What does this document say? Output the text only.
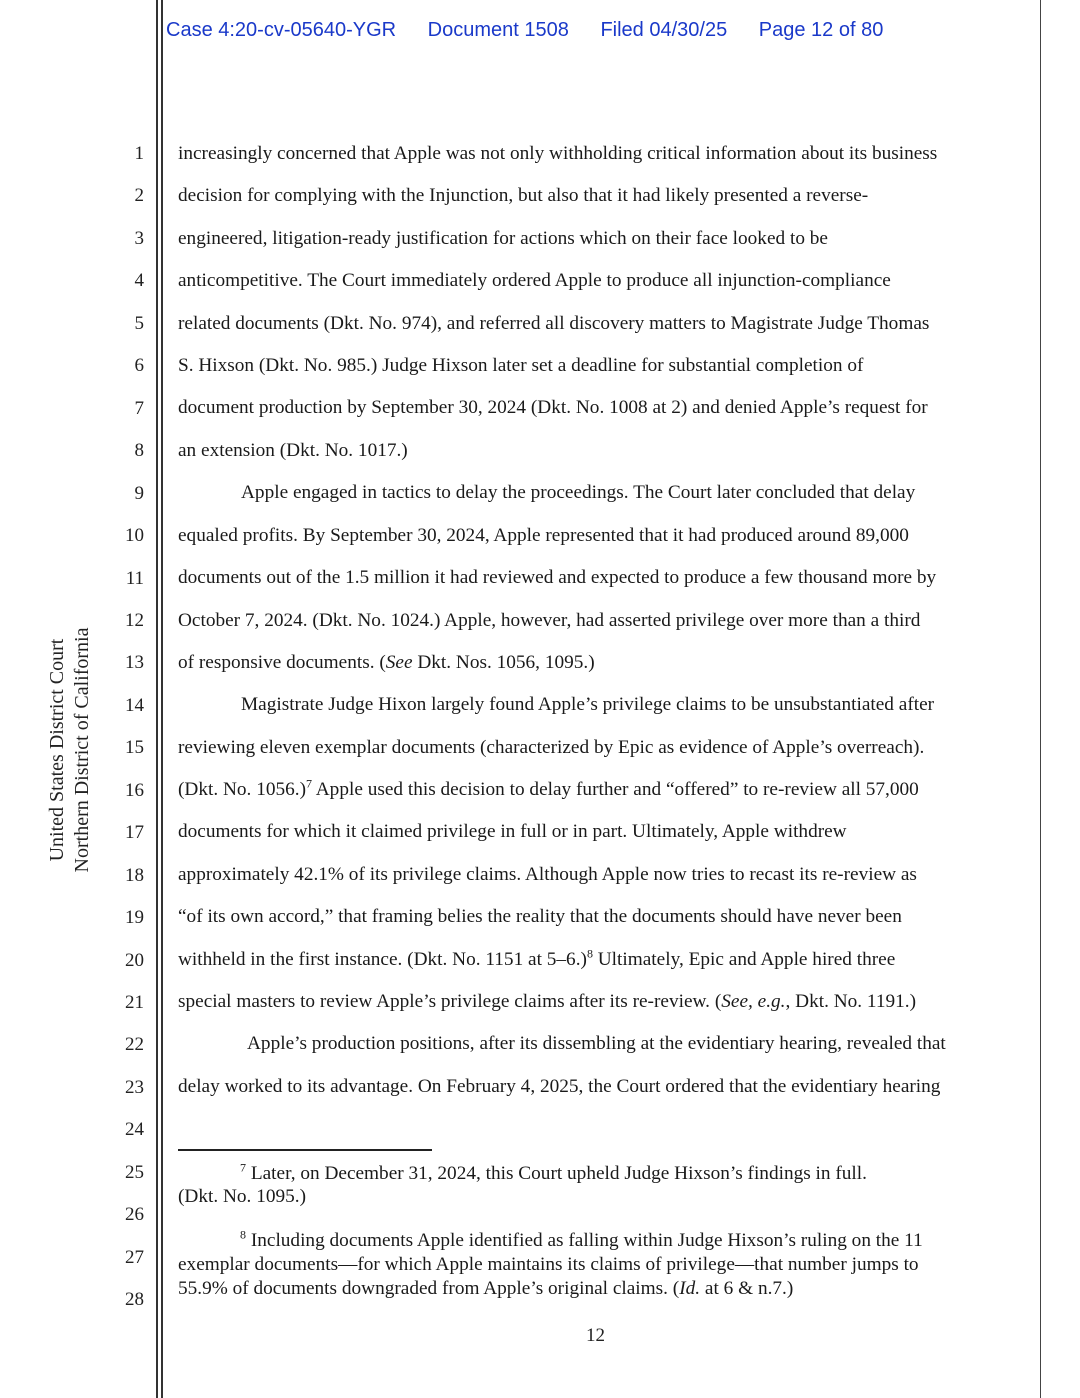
Case 4:20-cv-05640-YGR Document 1508 Filed 04/30/25 Page 12 of 80
United States District Court Northern District of California
1
2
3
4
5
6
7
8
9
10
11
12
13
14
15
16
17
18
19
20
21
22
23
24
25
26
27
28
increasingly concerned that Apple was not only withholding critical information about its business
decision for complying with the Injunction, but also that it had likely presented a reverse-
engineered, litigation-ready justification for actions which on their face looked to be
anticompetitive. The Court immediately ordered Apple to produce all injunction-compliance
related documents (Dkt. No. 974), and referred all discovery matters to Magistrate Judge Thomas
S. Hixson (Dkt. No. 985.) Judge Hixson later set a deadline for substantial completion of
document production by September 30, 2024 (Dkt. No. 1008 at 2) and denied Apple’s request for
an extension (Dkt. No. 1017.)
Apple engaged in tactics to delay the proceedings. The Court later concluded that delay
equaled profits. By September 30, 2024, Apple represented that it had produced around 89,000
documents out of the 1.5 million it had reviewed and expected to produce a few thousand more by
October 7, 2024. (Dkt. No. 1024.) Apple, however, had asserted privilege over more than a third
of responsive documents. (See Dkt. Nos. 1056, 1095.)
Magistrate Judge Hixon largely found Apple’s privilege claims to be unsubstantiated after
reviewing eleven exemplar documents (characterized by Epic as evidence of Apple’s overreach).
(Dkt. No. 1056.)$^7$ Apple used this decision to delay further and “offered” to re-review all 57,000
documents for which it claimed privilege in full or in part. Ultimately, Apple withdrew
approximately 42.1% of its privilege claims. Although Apple now tries to recast its re-review as
“of its own accord,” that framing belies the reality that the documents should have never been
withheld in the first instance. (Dkt. No. 1151 at 5–6.)$^8$ Ultimately, Epic and Apple hired three
special masters to review Apple’s privilege claims after its re-review. (See, e.g., Dkt. No. 1191.)
Apple’s production positions, after its dissembling at the evidentiary hearing, revealed that
delay worked to its advantage. On February 4, 2025, the Court ordered that the evidentiary hearing
$^7$ Later, on December 31, 2024, this Court upheld Judge Hixson’s findings in full.
(Dkt. No. 1095.)
$^8$ Including documents Apple identified as falling within Judge Hixson’s ruling on the 11
exemplar documents—for which Apple maintains its claims of privilege—that number jumps to
55.9% of documents downgraded from Apple’s original claims. (Id. at 6 & n.7.)
12
